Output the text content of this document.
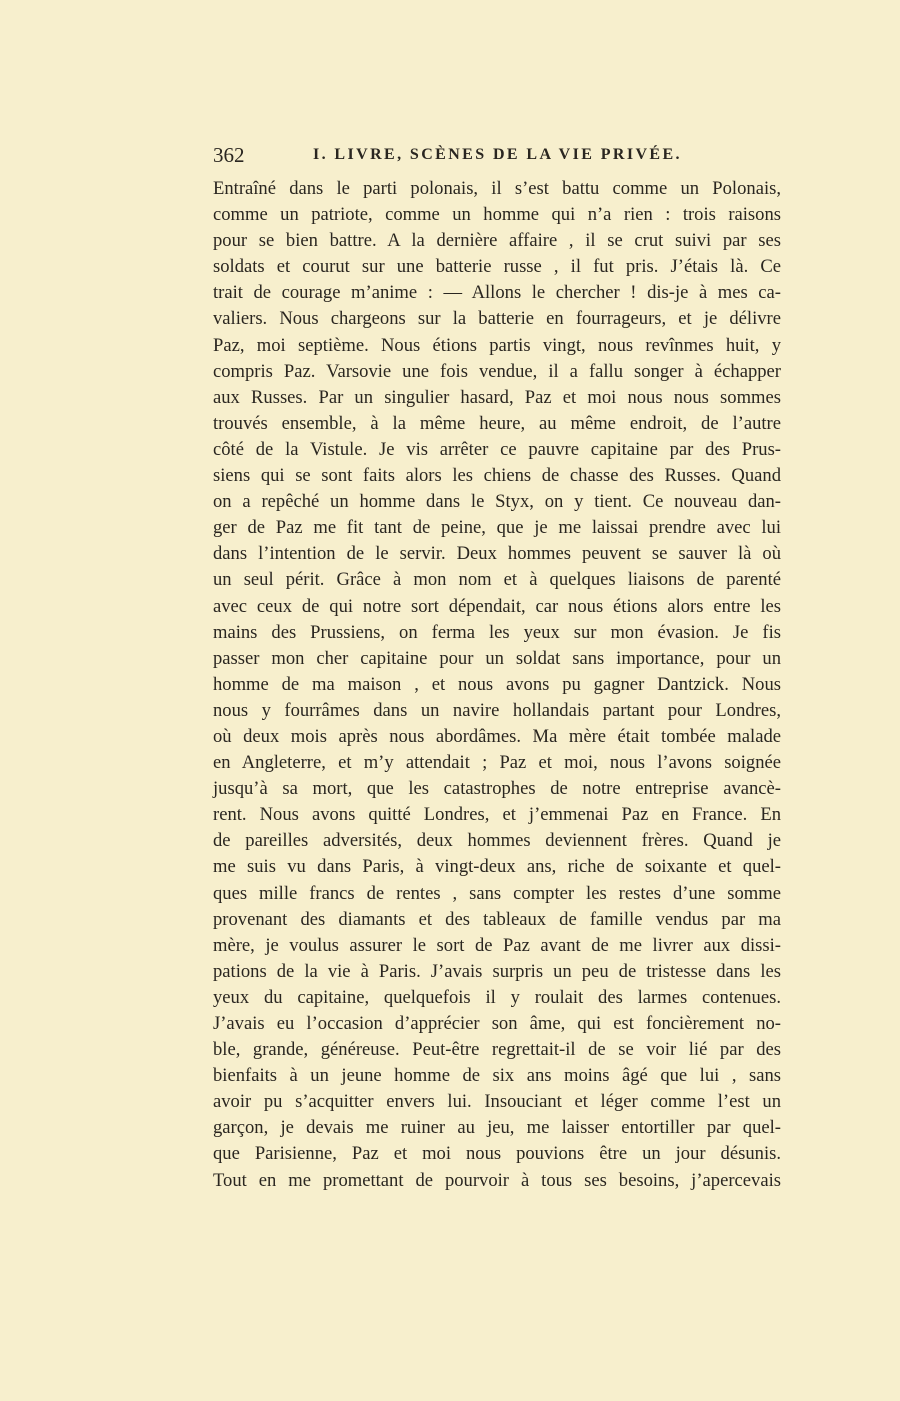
362	I. LIVRE, SCÈNES DE LA VIE PRIVÉE.
Entraîné dans le parti polonais, il s’est battu comme un Polonais,
comme un patriote, comme un homme qui n’a rien : trois raisons
pour se bien battre. A la dernière affaire , il se crut suivi par ses
soldats et courut sur une batterie russe , il fut pris. J’étais là. Ce
trait de courage m’anime : — Allons le chercher ! dis-je à mes ca-
valiers. Nous chargeons sur la batterie en fourrageurs, et je délivre
Paz, moi septième. Nous étions partis vingt, nous revînmes huit, y
compris Paz. Varsovie une fois vendue, il a fallu songer à échapper
aux Russes. Par un singulier hasard, Paz et moi nous nous sommes
trouvés ensemble, à la même heure, au même endroit, de l’autre
côté de la Vistule. Je vis arrêter ce pauvre capitaine par des Prus-
siens qui se sont faits alors les chiens de chasse des Russes. Quand
on a repêché un homme dans le Styx, on y tient. Ce nouveau dan-
ger de Paz me fit tant de peine, que je me laissai prendre avec lui
dans l’intention de le servir. Deux hommes peuvent se sauver là où
un seul périt. Grâce à mon nom et à quelques liaisons de parenté
avec ceux de qui notre sort dépendait, car nous étions alors entre les
mains des Prussiens, on ferma les yeux sur mon évasion. Je fis
passer mon cher capitaine pour un soldat sans importance, pour un
homme de ma maison , et nous avons pu gagner Dantzick. Nous
nous y fourrâmes dans un navire hollandais partant pour Londres,
où deux mois après nous abordâmes. Ma mère était tombée malade
en Angleterre, et m’y attendait ; Paz et moi, nous l’avons soignée
jusqu’à sa mort, que les catastrophes de notre entreprise avancè-
rent. Nous avons quitté Londres, et j’emmenai Paz en France. En
de pareilles adversités, deux hommes deviennent frères. Quand je
me suis vu dans Paris, à vingt-deux ans, riche de soixante et quel-
ques mille francs de rentes , sans compter les restes d’une somme
provenant des diamants et des tableaux de famille vendus par ma
mère, je voulus assurer le sort de Paz avant de me livrer aux dissi-
pations de la vie à Paris. J’avais surpris un peu de tristesse dans les
yeux du capitaine, quelquefois il y roulait des larmes contenues.
J’avais eu l’occasion d’apprécier son âme, qui est foncièrement no-
ble, grande, généreuse. Peut-être regrettait-il de se voir lié par des
bienfaits à un jeune homme de six ans moins âgé que lui , sans
avoir pu s’acquitter envers lui. Insouciant et léger comme l’est un
garçon, je devais me ruiner au jeu, me laisser entortiller par quel-
que Parisienne, Paz et moi nous pouvions être un jour désunis.
Tout en me promettant de pourvoir à tous ses besoins, j’apercevais
